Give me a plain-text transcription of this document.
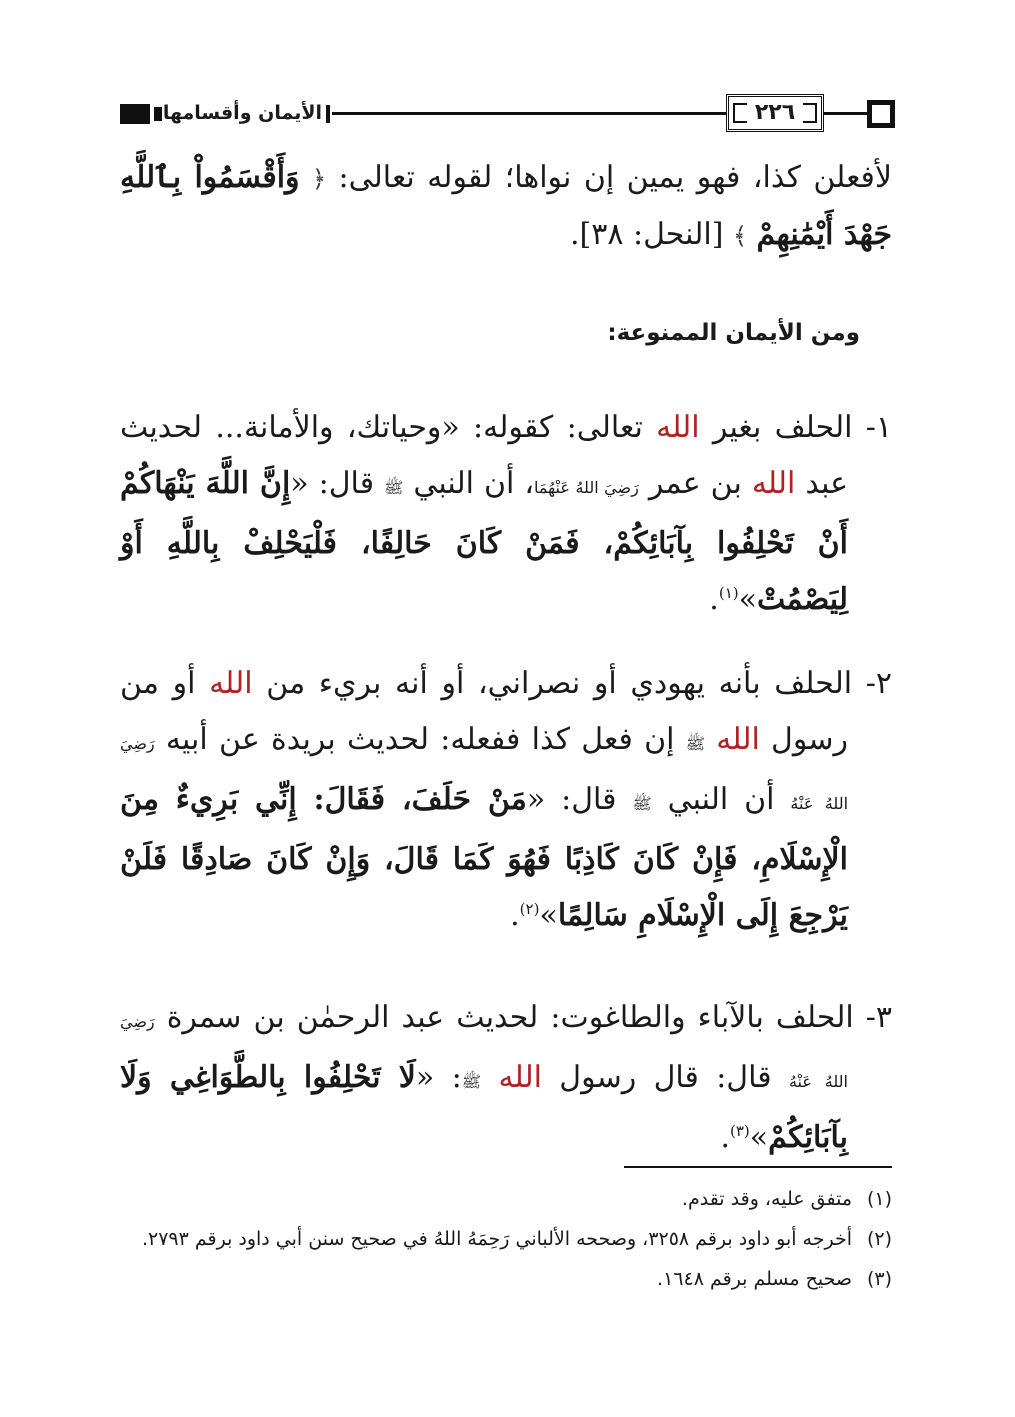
الأيمان وأقسامها	٢٢٦
لأفعلن كذا، فهو يمين إن نواها؛ لقوله تعالى: ﴿ وَأَقْسَمُواْ بِٱللَّهِ جَهْدَ أَيْمَٰنِهِمْ ﴾ [النحل: ٣٨].
ومن الأيمان الممنوعة:
١- الحلف بغير الله تعالى: كقوله: «وحياتك، والأمانة... لحديث عبد الله بن عمر رَضِيَ اللهُ عَنْهُمَا، أن النبي ﷺ قال: «إِنَّ اللَّهَ يَنْهَاكُمْ أَنْ تَحْلِفُوا بِآبَائِكُمْ، فَمَنْ كَانَ حَالِفًا، فَلْيَحْلِفْ بِاللَّهِ أَوْ لِيَصْمُتْ»$^{(١)}$.
٢- الحلف بأنه يهودي أو نصراني، أو أنه بريء من الله أو من رسول الله ﷺ إن فعل كذا ففعله: لحديث بريدة عن أبيه رَضِيَ اللهُ عَنْهُ أن النبي ﷺ قال: «مَنْ حَلَفَ، فَقَالَ: إِنِّي بَرِيءٌ مِنَ الْإِسْلَامِ، فَإِنْ كَانَ كَاذِبًا فَهُوَ كَمَا قَالَ، وَإِنْ كَانَ صَادِقًا فَلَنْ يَرْجِعَ إِلَى الْإِسْلَامِ سَالِمًا»$^{(٢)}$.
٣- الحلف بالآباء والطاغوت: لحديث عبد الرحمٰن بن سمرة رَضِيَ اللهُ عَنْهُ قال: قال رسول الله ﷺ: «لَا تَحْلِفُوا بِالطَّوَاغِي وَلَا بِآبَائِكُمْ»$^{(٣)}$.
(١)
متفق عليه، وقد تقدم.
(٢)
أخرجه أبو داود برقم ٣٢٥٨، وصححه الألباني رَحِمَهُ اللهُ في صحيح سنن أبي داود برقم ٢٧٩٣.
(٣)
صحيح مسلم برقم ١٦٤٨.
